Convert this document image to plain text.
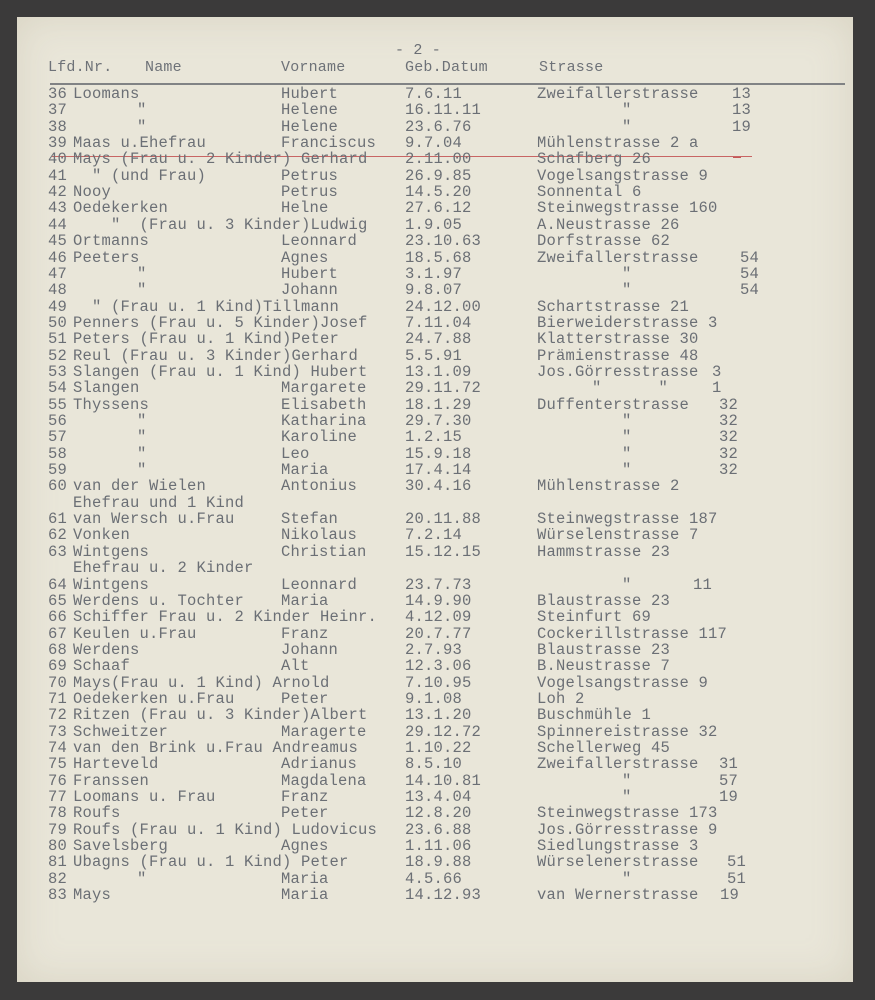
- 2 -
Lfd.Nr. Name	Vorname	Geb.Datum	Strasse
36 Loomans	Hubert	7.6.11	Zweifallerstrasse 13
37	"	Helene	16.11.11	"	13
38	"	Helene	23.6.76	"	19
39 Maas u.Ehefrau	Franciscus 9.7.04	Mühlenstrasse 2 a
40 Mays (Frau u. 2 Kinder) Gerhard 2.11.00	Schafberg 26
41 " (und Frau)	Petrus	26.9.85	Vogelsangstrasse 9
42 Nooy	Petrus	14.5.20	Sonnental 6
43 Oedekerken	Helne	27.6.12	Steinwegstrasse 160
44 "  (Frau u. 3 Kinder)Ludwig 1.9.05	A.Neustrasse 26
45 Ortmanns	Leonnard	23.10.63	Dorfstrasse 62
46 Peeters	Agnes	18.5.68	Zweifallerstrasse	54
47	"	Hubert	3.1.97	"	54
48	"	Johann	9.8.07	"	54
49 " (Frau u. 1 Kind)Tillmann	24.12.00	Schartstrasse 21
50 Penners (Frau u. 5 Kinder)Josef 7.11.04	Bierweiderstrasse 3
51 Peters (Frau u. 1 Kind)Peter	24.7.88	Klatterstrasse 30
52 Reul (Frau u. 3 Kinder)Gerhard	5.5.91	Prämienstrasse 48
53 Slangen (Frau u. 1 Kind) Hubert 13.1.09	Jos.Görresstrasse 3
54 Slangen	Margarete 29.11.72	"      "	1
55 Thyssens	Elisabeth 18.1.29	Duffenterstrasse 32
56	"	Katharina 29.7.30	"	32
57	"	Karoline	1.2.15	"	32
58	"	Leo	15.9.18	"	32
59	"	Maria	17.4.14	"	32
60 van der Wielen	Antonius	30.4.16	Mühlenstrasse 2
Ehefrau und 1 Kind
61 van Wersch u.Frau	Stefan	20.11.88	Steinwegstrasse 187
62 Vonken	Nikolaus	7.2.14	Würselenstrasse 7
63 Wintgens	Christian 15.12.15	Hammstrasse 23
Ehefrau u. 2 Kinder
64 Wintgens	Leonnard	23.7.73	"	11
65 Werdens u. Tochter Maria	14.9.90	Blaustrasse 23
66 Schiffer Frau u. 2 Kinder Heinr. 4.12.09	Steinfurt 69
67 Keulen u.Frau	Franz	20.7.77	Cockerillstrasse 117
68 Werdens	Johann	2.7.93	Blaustrasse 23
69 Schaaf	Alt	12.3.06	B.Neustrasse 7
70 Mays(Frau u. 1 Kind) Arnold	7.10.95	Vogelsangstrasse 9
71 Oedekerken u.Frau	Peter	9.1.08	Loh 2
72 Ritzen (Frau u. 3 Kinder)Albert 13.1.20	Buschmühle 1
73 Schweitzer	Maragerte 29.12.72	Spinnereistrasse 32
74 van den Brink u.Frau Andreamus	1.10.22	Schellerweg 45
75 Harteveld	Adrianus	8.5.10	Zweifallerstrasse 31
76 Franssen	Magdalena 14.10.81	"	57
77 Loomans u. Frau	Franz	13.4.04	"	19
78 Roufs	Peter	12.8.20	Steinwegstrasse 173
79 Roufs (Frau u. 1 Kind) Ludovicus 23.6.88	Jos.Görresstrasse 9
80 Savelsberg	Agnes	1.11.06	Siedlungstrasse 3
81 Ubagns (Frau u. 1 Kind) Peter	18.9.88	Würselenerstrasse 51
82	"	Maria	4.5.66	"	51
83 Mays	Maria	14.12.93	van Wernerstrasse 19
